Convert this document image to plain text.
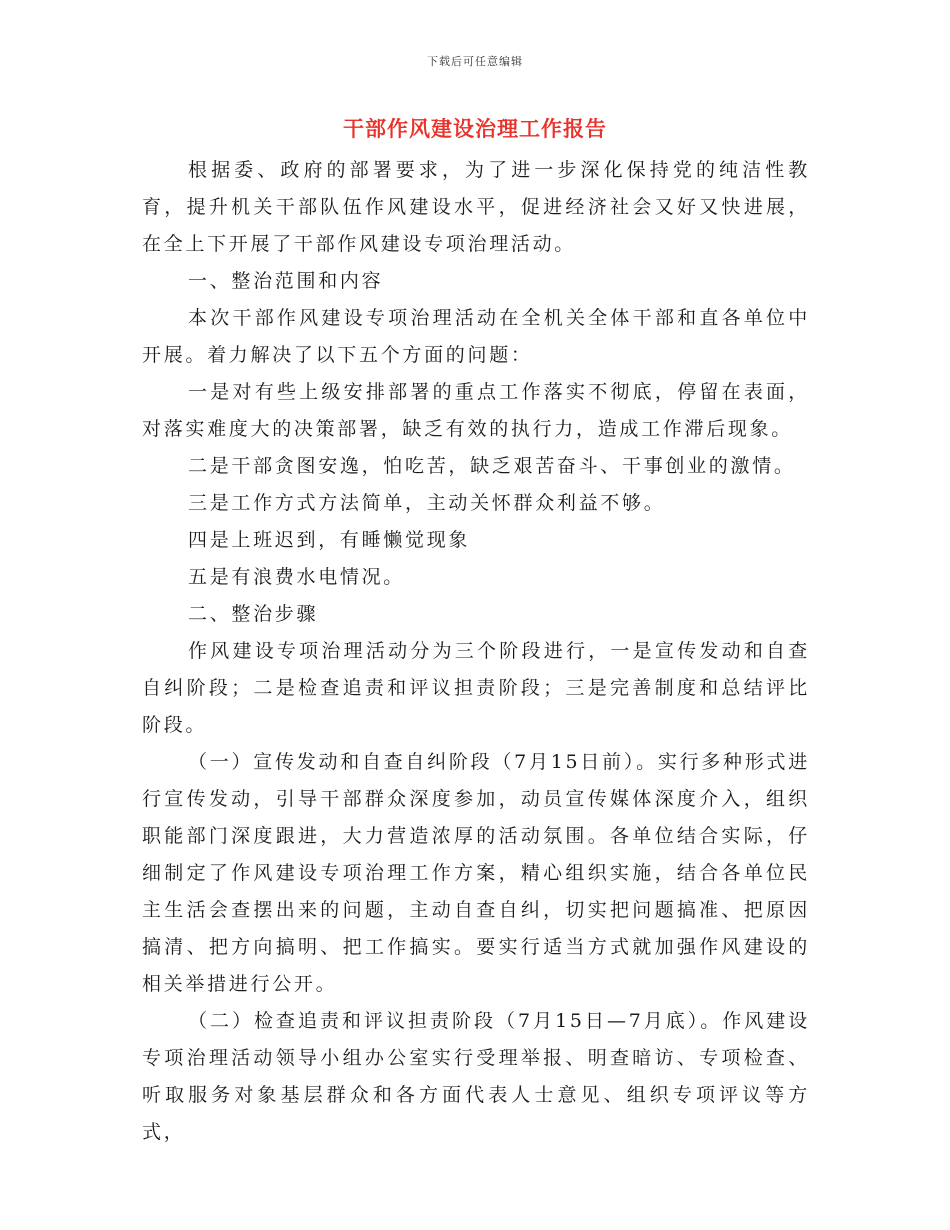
下载后可任意编辑
干部作风建设治理工作报告

根据委、政府的部署要求，为了进一步深化保持党的纯洁性教育，提升机关干部队伍作风建设水平，促进经济社会又好又快进展，在全上下开展了干部作风建设专项治理活动。

一、整治范围和内容

本次干部作风建设专项治理活动在全机关全体干部和直各单位中开展。着力解决了以下五个方面的问题：

一是对有些上级安排部署的重点工作落实不彻底，停留在表面，对落实难度大的决策部署，缺乏有效的执行力，造成工作滞后现象。

二是干部贪图安逸，怕吃苦，缺乏艰苦奋斗、干事创业的激情。

三是工作方式方法简单，主动关怀群众利益不够。

四是上班迟到，有睡懒觉现象

五是有浪费水电情况。

二、整治步骤

作风建设专项治理活动分为三个阶段进行，一是宣传发动和自查自纠阶段；二是检查追责和评议担责阶段；三是完善制度和总结评比阶段。

（一）宣传发动和自查自纠阶段（7月15日前）。实行多种形式进行宣传发动，引导干部群众深度参加，动员宣传媒体深度介入，组织职能部门深度跟进，大力营造浓厚的活动氛围。各单位结合实际，仔细制定了作风建设专项治理工作方案，精心组织实施，结合各单位民主生活会查摆出来的问题，主动自查自纠，切实把问题搞准、把原因搞清、把方向搞明、把工作搞实。要实行适当方式就加强作风建设的相关举措进行公开。

（二）检查追责和评议担责阶段（7月15日—7月底）。作风建设专项治理活动领导小组办公室实行受理举报、明查暗访、专项检查、听取服务对象基层群众和各方面代表人士意见、组织专项评议等方式，
